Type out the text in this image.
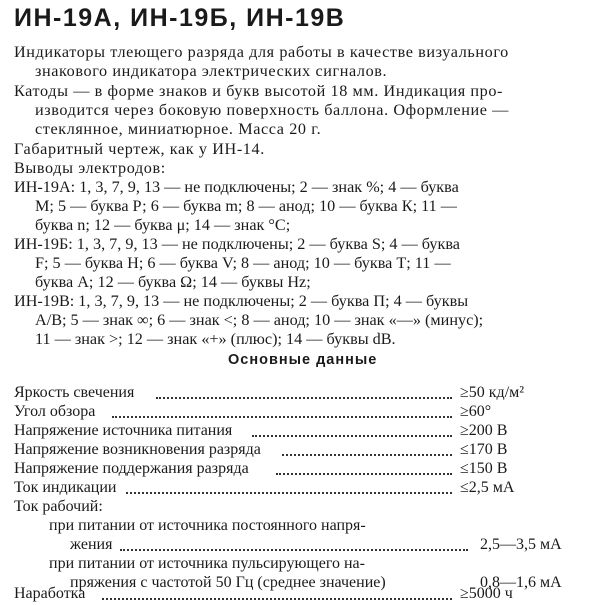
ИН-19А, ИН-19Б, ИН-19В
Индикаторы тлеющего разряда для работы в качестве визуального
знакового индикатора электрических сигналов.
Катоды — в форме знаков и букв высотой 18 мм. Индикация про-
изводится через боковую поверхность баллона. Оформление —
стеклянное, миниатюрное. Масса 20 г.
Габаритный чертеж, как у ИН-14.
Выводы электродов:
ИН-19А: 1, 3, 7, 9, 13 — не подключены; 2 — знак %; 4 — буква
М; 5 — буква Р; 6 — буква m; 8 — анод; 10 — буква К; 11 —
буква n; 12 — буква μ; 14 — знак °С;
ИН-19Б: 1, 3, 7, 9, 13 — не подключены; 2 — буква S; 4 — буква
F; 5 — буква Н; 6 — буква V; 8 — анод; 10 — буква Т; 11 —
буква А; 12 — буква Ω; 14 — буквы Hz;
ИН-19В: 1, 3, 7, 9, 13 — не подключены; 2 — буква П; 4 — буквы
А/В; 5 — знак ∞; 6 — знак <; 8 — анод; 10 — знак «—» (минус);
11 — знак >; 12 — знак «+» (плюс); 14 — буквы dB.
Основные данные
Яркость свечения	≥50 кд/м²
Угол обзора	≥60°
Напряжение источника питания	≥200 В
Напряжение возникновения разряда	≤170 В
Напряжение поддержания разряда	≤150 В
Ток индикации	≤2,5 мА
Ток рабочий:
при питании от источника постоянного напря-
жения	2,5—3,5 мА
при питании от источника пульсирующего на-
пряжения с частотой 50 Гц (среднее значение)	0,8—1,6 мА
Наработка	≥5000 ч
